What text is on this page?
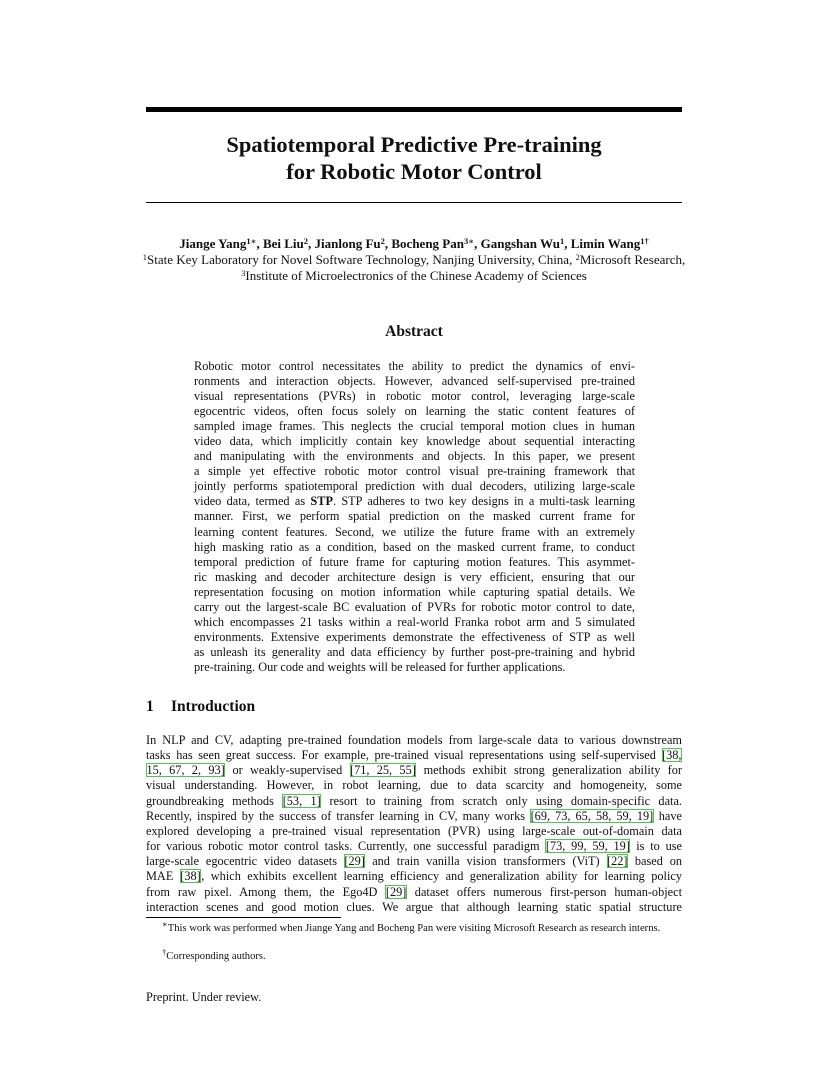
Spatiotemporal Predictive Pre-training
for Robotic Motor Control
Jiange Yang$^{1∗}$, Bei Liu$^2$, Jianlong Fu$^2$, Bocheng Pan$^{3∗}$, Gangshan Wu$^1$, Limin Wang$^{1\dagger}$
$^1$State Key Laboratory for Novel Software Technology, Nanjing University, China, $^2$Microsoft Research,
$^3$Institute of Microelectronics of the Chinese Academy of Sciences
Abstract
Robotic motor control necessitates the ability to predict the dynamics of envi-
ronments and interaction objects. However, advanced self-supervised pre-trained
visual representations (PVRs) in robotic motor control, leveraging large-scale
egocentric videos, often focus solely on learning the static content features of
sampled image frames. This neglects the crucial temporal motion clues in human
video data, which implicitly contain key knowledge about sequential interacting
and manipulating with the environments and objects. In this paper, we present
a simple yet effective robotic motor control visual pre-training framework that
jointly performs spatiotemporal prediction with dual decoders, utilizing large-scale
video data, termed as STP. STP adheres to two key designs in a multi-task learning
manner. First, we perform spatial prediction on the masked current frame for
learning content features. Second, we utilize the future frame with an extremely
high masking ratio as a condition, based on the masked current frame, to conduct
temporal prediction of future frame for capturing motion features. This asymmet-
ric masking and decoder architecture design is very efficient, ensuring that our
representation focusing on motion information while capturing spatial details. We
carry out the largest-scale BC evaluation of PVRs for robotic motor control to date,
which encompasses 21 tasks within a real-world Franka robot arm and 5 simulated
environments. Extensive experiments demonstrate the effectiveness of STP as well
as unleash its generality and data efficiency by further post-pre-training and hybrid
pre-training. Our code and weights will be released for further applications.
1 Introduction
In NLP and CV, adapting pre-trained foundation models from large-scale data to various downstream
tasks has seen great success. For example, pre-trained visual representations using self-supervised [38,
15, 67, 2, 93] or weakly-supervised [71, 25, 55] methods exhibit strong generalization ability for
visual understanding. However, in robot learning, due to data scarcity and homogeneity, some
groundbreaking methods [53, 1] resort to training from scratch only using domain-specific data.
Recently, inspired by the success of transfer learning in CV, many works [69, 73, 65, 58, 59, 19] have
explored developing a pre-trained visual representation (PVR) using large-scale out-of-domain data
for various robotic motor control tasks. Currently, one successful paradigm [73, 99, 59, 19] is to use
large-scale egocentric video datasets [29] and train vanilla vision transformers (ViT) [22] based on
MAE [38], which exhibits excellent learning efficiency and generalization ability for learning policy
from raw pixel. Among them, the Ego4D [29] dataset offers numerous first-person human-object
interaction scenes and good motion clues. We argue that although learning static spatial structure
∗This work was performed when Jiange Yang and Bocheng Pan were visiting Microsoft Research as research interns.
†Corresponding authors.
Preprint. Under review.
